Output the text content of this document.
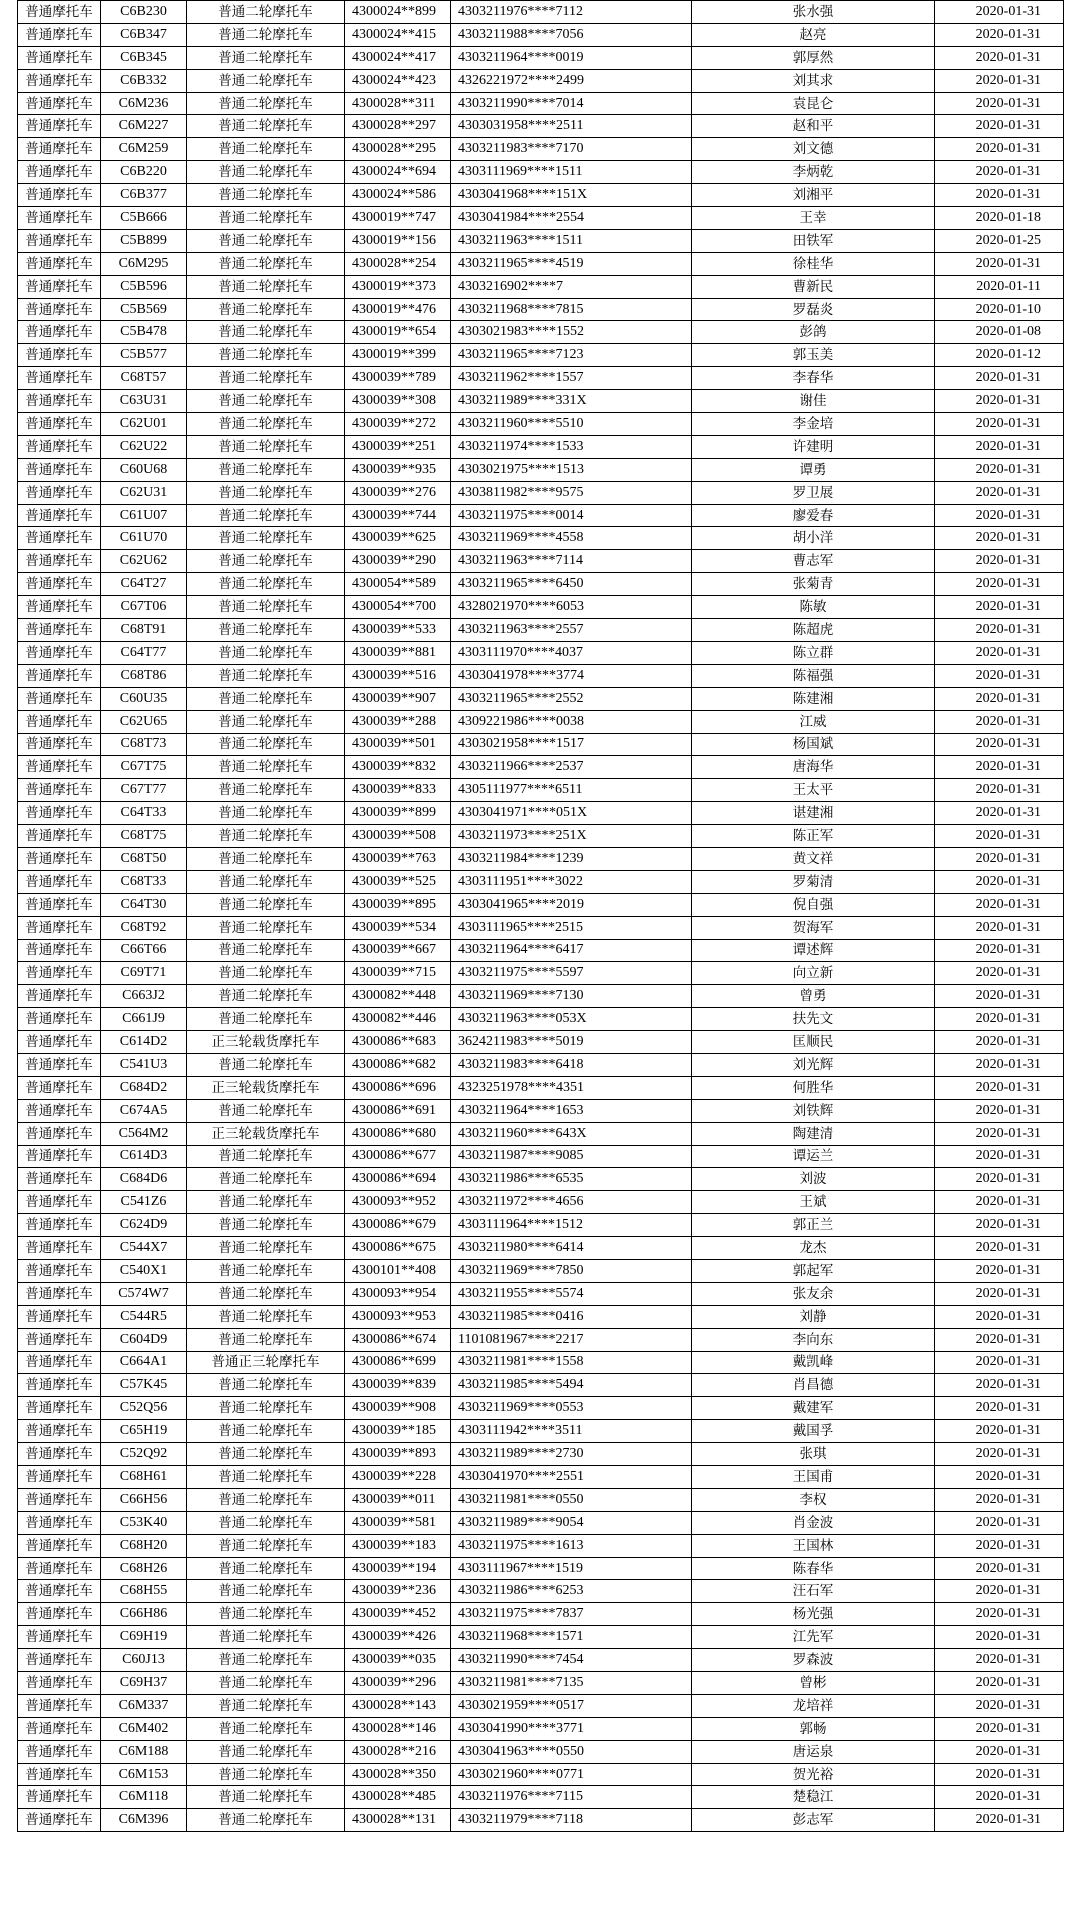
普通摩托车	C6B230	普通二轮摩托车	4300024**899	4303211976****7112	张水强	2020-01-31
普通摩托车	C6B347	普通二轮摩托车	4300024**415	4303211988****7056	赵亮	2020-01-31
普通摩托车	C6B345	普通二轮摩托车	4300024**417	4303211964****0019	郭厚然	2020-01-31
普通摩托车	C6B332	普通二轮摩托车	4300024**423	4326221972****2499	刘其求	2020-01-31
普通摩托车	C6M236	普通二轮摩托车	4300028**311	4303211990****7014	袁昆仑	2020-01-31
普通摩托车	C6M227	普通二轮摩托车	4300028**297	4303031958****2511	赵和平	2020-01-31
普通摩托车	C6M259	普通二轮摩托车	4300028**295	4303211983****7170	刘文德	2020-01-31
普通摩托车	C6B220	普通二轮摩托车	4300024**694	4303111969****1511	李炳乾	2020-01-31
普通摩托车	C6B377	普通二轮摩托车	4300024**586	4303041968****151X	刘湘平	2020-01-31
普通摩托车	C5B666	普通二轮摩托车	4300019**747	4303041984****2554	王幸	2020-01-18
普通摩托车	C5B899	普通二轮摩托车	4300019**156	4303211963****1511	田铁军	2020-01-25
普通摩托车	C6M295	普通二轮摩托车	4300028**254	4303211965****4519	徐桂华	2020-01-31
普通摩托车	C5B596	普通二轮摩托车	4300019**373	4303216902****7	曹新民	2020-01-11
普通摩托车	C5B569	普通二轮摩托车	4300019**476	4303211968****7815	罗磊炎	2020-01-10
普通摩托车	C5B478	普通二轮摩托车	4300019**654	4303021983****1552	彭鸽	2020-01-08
普通摩托车	C5B577	普通二轮摩托车	4300019**399	4303211965****7123	郭玉美	2020-01-12
普通摩托车	C68T57	普通二轮摩托车	4300039**789	4303211962****1557	李春华	2020-01-31
普通摩托车	C63U31	普通二轮摩托车	4300039**308	4303211989****331X	谢佳	2020-01-31
普通摩托车	C62U01	普通二轮摩托车	4300039**272	4303211960****5510	李金培	2020-01-31
普通摩托车	C62U22	普通二轮摩托车	4300039**251	4303211974****1533	许建明	2020-01-31
普通摩托车	C60U68	普通二轮摩托车	4300039**935	4303021975****1513	谭勇	2020-01-31
普通摩托车	C62U31	普通二轮摩托车	4300039**276	4303811982****9575	罗卫展	2020-01-31
普通摩托车	C61U07	普通二轮摩托车	4300039**744	4303211975****0014	廖爱春	2020-01-31
普通摩托车	C61U70	普通二轮摩托车	4300039**625	4303211969****4558	胡小洋	2020-01-31
普通摩托车	C62U62	普通二轮摩托车	4300039**290	4303211963****7114	曹志军	2020-01-31
普通摩托车	C64T27	普通二轮摩托车	4300054**589	4303211965****6450	张菊青	2020-01-31
普通摩托车	C67T06	普通二轮摩托车	4300054**700	4328021970****6053	陈敏	2020-01-31
普通摩托车	C68T91	普通二轮摩托车	4300039**533	4303211963****2557	陈超虎	2020-01-31
普通摩托车	C64T77	普通二轮摩托车	4300039**881	4303111970****4037	陈立群	2020-01-31
普通摩托车	C68T86	普通二轮摩托车	4300039**516	4303041978****3774	陈福强	2020-01-31
普通摩托车	C60U35	普通二轮摩托车	4300039**907	4303211965****2552	陈建湘	2020-01-31
普通摩托车	C62U65	普通二轮摩托车	4300039**288	4309221986****0038	江威	2020-01-31
普通摩托车	C68T73	普通二轮摩托车	4300039**501	4303021958****1517	杨国斌	2020-01-31
普通摩托车	C67T75	普通二轮摩托车	4300039**832	4303211966****2537	唐海华	2020-01-31
普通摩托车	C67T77	普通二轮摩托车	4300039**833	4305111977****6511	王太平	2020-01-31
普通摩托车	C64T33	普通二轮摩托车	4300039**899	4303041971****051X	谌建湘	2020-01-31
普通摩托车	C68T75	普通二轮摩托车	4300039**508	4303211973****251X	陈正军	2020-01-31
普通摩托车	C68T50	普通二轮摩托车	4300039**763	4303211984****1239	黄文祥	2020-01-31
普通摩托车	C68T33	普通二轮摩托车	4300039**525	4303111951****3022	罗菊清	2020-01-31
普通摩托车	C64T30	普通二轮摩托车	4300039**895	4303041965****2019	倪自强	2020-01-31
普通摩托车	C68T92	普通二轮摩托车	4300039**534	4303111965****2515	贺海军	2020-01-31
普通摩托车	C66T66	普通二轮摩托车	4300039**667	4303211964****6417	谭述辉	2020-01-31
普通摩托车	C69T71	普通二轮摩托车	4300039**715	4303211975****5597	向立新	2020-01-31
普通摩托车	C663J2	普通二轮摩托车	4300082**448	4303211969****7130	曾勇	2020-01-31
普通摩托车	C661J9	普通二轮摩托车	4300082**446	4303211963****053X	扶先文	2020-01-31
普通摩托车	C614D2	正三轮载货摩托车	4300086**683	3624211983****5019	匡顺民	2020-01-31
普通摩托车	C541U3	普通二轮摩托车	4300086**682	4303211983****6418	刘光辉	2020-01-31
普通摩托车	C684D2	正三轮载货摩托车	4300086**696	4323251978****4351	何胜华	2020-01-31
普通摩托车	C674A5	普通二轮摩托车	4300086**691	4303211964****1653	刘铁辉	2020-01-31
普通摩托车	C564M2	正三轮载货摩托车	4300086**680	4303211960****643X	陶建清	2020-01-31
普通摩托车	C614D3	普通二轮摩托车	4300086**677	4303211987****9085	谭运兰	2020-01-31
普通摩托车	C684D6	普通二轮摩托车	4300086**694	4303211986****6535	刘波	2020-01-31
普通摩托车	C541Z6	普通二轮摩托车	4300093**952	4303211972****4656	王斌	2020-01-31
普通摩托车	C624D9	普通二轮摩托车	4300086**679	4303111964****1512	郭正兰	2020-01-31
普通摩托车	C544X7	普通二轮摩托车	4300086**675	4303211980****6414	龙杰	2020-01-31
普通摩托车	C540X1	普通二轮摩托车	4300101**408	4303211969****7850	郭起军	2020-01-31
普通摩托车	C574W7	普通二轮摩托车	4300093**954	4303211955****5574	张友余	2020-01-31
普通摩托车	C544R5	普通二轮摩托车	4300093**953	4303211985****0416	刘静	2020-01-31
普通摩托车	C604D9	普通二轮摩托车	4300086**674	1101081967****2217	李向东	2020-01-31
普通摩托车	C664A1	普通正三轮摩托车	4300086**699	4303211981****1558	戴凯峰	2020-01-31
普通摩托车	C57K45	普通二轮摩托车	4300039**839	4303211985****5494	肖昌德	2020-01-31
普通摩托车	C52Q56	普通二轮摩托车	4300039**908	4303211969****0553	戴建军	2020-01-31
普通摩托车	C65H19	普通二轮摩托车	4300039**185	4303111942****3511	戴国孚	2020-01-31
普通摩托车	C52Q92	普通二轮摩托车	4300039**893	4303211989****2730	张琪	2020-01-31
普通摩托车	C68H61	普通二轮摩托车	4300039**228	4303041970****2551	王国甫	2020-01-31
普通摩托车	C66H56	普通二轮摩托车	4300039**011	4303211981****0550	李权	2020-01-31
普通摩托车	C53K40	普通二轮摩托车	4300039**581	4303211989****9054	肖金波	2020-01-31
普通摩托车	C68H20	普通二轮摩托车	4300039**183	4303211975****1613	王国林	2020-01-31
普通摩托车	C68H26	普通二轮摩托车	4300039**194	4303111967****1519	陈春华	2020-01-31
普通摩托车	C68H55	普通二轮摩托车	4300039**236	4303211986****6253	汪石军	2020-01-31
普通摩托车	C66H86	普通二轮摩托车	4300039**452	4303211975****7837	杨光强	2020-01-31
普通摩托车	C69H19	普通二轮摩托车	4300039**426	4303211968****1571	江先军	2020-01-31
普通摩托车	C60J13	普通二轮摩托车	4300039**035	4303211990****7454	罗森波	2020-01-31
普通摩托车	C69H37	普通二轮摩托车	4300039**296	4303211981****7135	曾彬	2020-01-31
普通摩托车	C6M337	普通二轮摩托车	4300028**143	4303021959****0517	龙培祥	2020-01-31
普通摩托车	C6M402	普通二轮摩托车	4300028**146	4303041990****3771	郭畅	2020-01-31
普通摩托车	C6M188	普通二轮摩托车	4300028**216	4303041963****0550	唐运泉	2020-01-31
普通摩托车	C6M153	普通二轮摩托车	4300028**350	4303021960****0771	贺光裕	2020-01-31
普通摩托车	C6M118	普通二轮摩托车	4300028**485	4303211976****7115	楚稳江	2020-01-31
普通摩托车	C6M396	普通二轮摩托车	4300028**131	4303211979****7118	彭志军	2020-01-31
